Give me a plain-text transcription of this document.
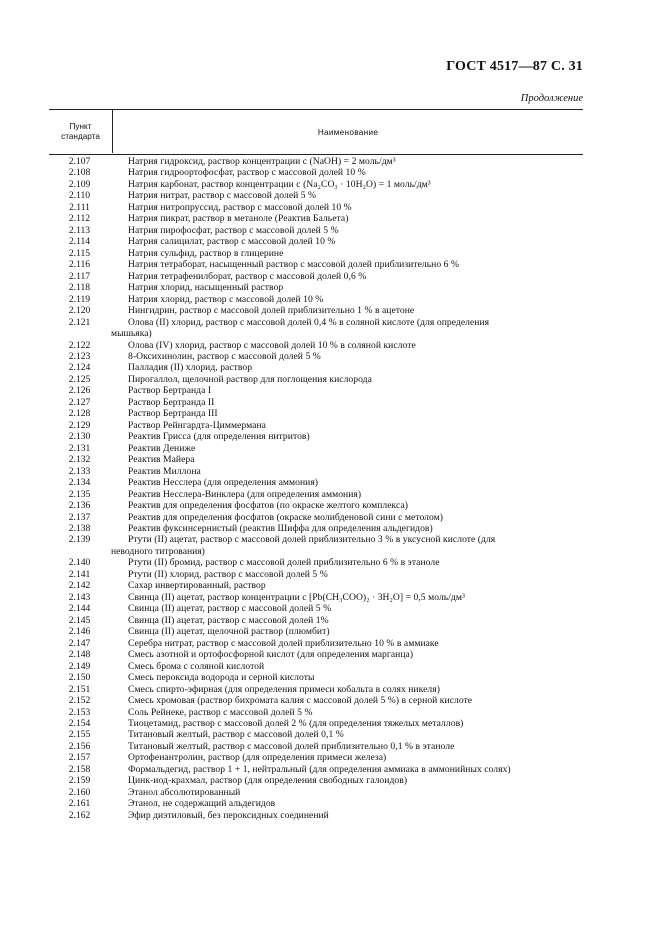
ГОСТ 4517—87 С. 31
Продолжение
Пункт
стандарта	Наименование
2.107	Натрия гидроксид, раствор концентрации c (NaOH) = 2 моль/дм³
2.108	Натрия гидроортофосфат, раствор с массовой долей 10 %
2.109	Натрия карбонат, раствор концентрации c (Na₂CO₃ · 10H₂O) = 1 моль/дм³
2.110	Натрия нитрат, раствор с массовой долей 5 %
2.111	Натрия нитропруссид, раствор с массовой долей 10 %
2.112	Натрия пикрат, раствор в метаноле (Реактив Бальета)
2.113	Натрия пирофосфат, раствор с массовой долей 5 %
2.114	Натрия салицилат, раствор с массовой долей 10 %
2.115	Натрия сульфид, раствор в глицерине
2.116	Натрия тетраборат, насыщенный раствор с массовой долей приблизительно 6 %
2.117	Натрия тетрафенилборат, раствор с массовой долей 0,6 %
2.118	Натрия хлорид, насыщенный раствор
2.119	Натрия хлорид, раствор с массовой долей 10 %
2.120	Нингидрин, раствор с массовой долей приблизительно 1 % в ацетоне
2.121	Олова (II) хлорид, раствор с массовой долей 0,4 % в соляной кислоте (для определения
мышьяка)
2.122	Олова (IV) хлорид, раствор с массовой долей 10 % в соляной кислоте
2.123	8-Оксихинолин, раствор с массовой долей 5 %
2.124	Палладия (II) хлорид, раствор
2.125	Пирогаллол, щелочной раствор для поглощения кислорода
2.126	Раствор Бертранда I
2.127	Раствор Бертранда II
2.128	Раствор Бертранда III
2.129	Раствор Рейнгардта-Циммермана
2.130	Реактив Грисса (для определения нитритов)
2.131	Реактив Дениже
2.132	Реактив Майера
2.133	Реактив Миллона
2.134	Реактив Несслера (для определения аммония)
2.135	Реактив Несслера-Винклера (для определения аммония)
2.136	Реактив для определения фосфатов (по окраске желтого комплекса)
2.137	Реактив для определения фосфатов (окраске молибденовой сини с метолом)
2.138	Реактив фуксинсернистый (реактив Шиффа для определения альдегидов)
2.139	Ртути (II) ацетат, раствор с массовой долей приблизительно 3 % в уксусной кислоте (для
неводного титрования)
2.140	Ртути (II) бромид, раствор с массовой долей приблизительно 6 % в этаноле
2.141	Ртути (II) хлорид, раствор с массовой долей 5 %
2.142	Сахар инвертированный, раствор
2.143	Свинца (II) ацетат, раствор концентрации c [Pb(CH₃COO)₂ · 3H₂O] = 0,5 моль/дм³
2.144	Свинца (II) ацетат, раствор с массовой долей 5 %
2.145	Свинца (II) ацетат, раствор с массовой долей 1%
2.146	Свинца (II) ацетат, щелочной раствор (плюмбит)
2.147	Серебра нитрат, раствор с массовой долей приблизительно 10 % в аммиаке
2.148	Смесь азотной и ортофосфорной кислот (для определения марганца)
2.149	Смесь брома с соляной кислотой
2.150	Смесь пероксида водорода и серной кислоты
2.151	Смесь спирто-эфирная (для определения примеси кобальта в солях никеля)
2.152	Смесь хромовая (раствор бихромата калия с массовой долей 5 %) в серной кислоте
2.153	Соль Рейнеке, раствор с массовой долей 5 %
2.154	Тиоцетамид, раствор с массовой долей 2 % (для определения тяжелых металлов)
2.155	Титановый желтый, раствор с массовой долей 0,1 %
2.156	Титановый желтый, раствор с массовой долей приблизительно 0,1 % в этаноле
2.157	Ортофенантролин, раствор (для определения примеси железа)
2.158	Формальдегид, раствор 1 + 1, нейтральный (для определения аммиака в аммонийных солях)
2.159	Цинк-иод-крахмал, раствор (для определения свободных галоидов)
2.160	Этанол абсолютированный
2.161	Этанол, не содержащий альдегидов
2.162	Эфир диэтиловый, без пероксидных соединений
